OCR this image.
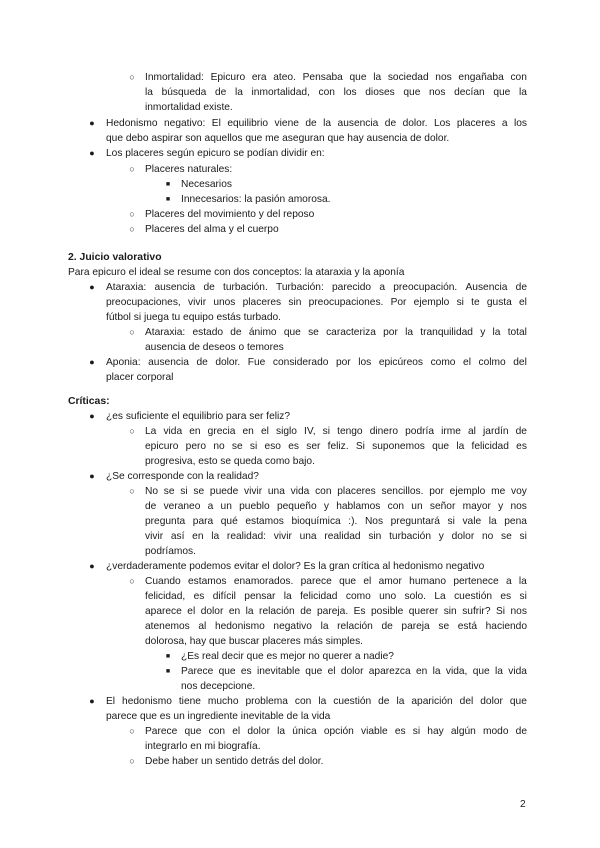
○ Inmortalidad: Epicuro era ateo. Pensaba que la sociedad nos engañaba con
la búsqueda de la inmortalidad, con los dioses que nos decían que la
inmortalidad existe.
● Hedonismo negativo: El equilibrio viene de la ausencia de dolor. Los placeres a los
que debo aspirar son aquellos que me aseguran que hay ausencia de dolor.
● Los placeres según epicuro se podían dividir en:
○ Placeres naturales:
■ Necesarios
■ Innecesarios: la pasión amorosa.
○ Placeres del movimiento y del reposo
○ Placeres del alma y el cuerpo
2. Juicio valorativo
Para epicuro el ideal se resume con dos conceptos: la ataraxia y la aponía
● Ataraxia: ausencia de turbación. Turbación: parecido a preocupación. Ausencia de
preocupaciones, vivir unos placeres sin preocupaciones. Por ejemplo si te gusta el
fútbol si juega tu equipo estás turbado.
○ Ataraxia: estado de ánimo que se caracteriza por la tranquilidad y la total
ausencia de deseos o temores
● Aponia: ausencia de dolor. Fue considerado por los epicúreos como el colmo del
placer corporal
Críticas:
● ¿es suficiente el equilibrio para ser feliz?
○ La vida en grecia en el siglo IV, si tengo dinero podría irme al jardín de
epicuro pero no se si eso es ser feliz. Si suponemos que la felicidad es
progresiva, esto se queda como bajo.
● ¿Se corresponde con la realidad?
○ No se si se puede vivir una vida con placeres sencillos. por ejemplo me voy
de veraneo a un pueblo pequeño y hablamos con un señor mayor y nos
pregunta para qué estamos bioquímica :). Nos preguntará si vale la pena
vivir así en la realidad: vivir una realidad sin turbación y dolor no se si
podríamos.
● ¿verdaderamente podemos evitar el dolor? Es la gran crítica al hedonismo negativo
○ Cuando estamos enamorados. parece que el amor humano pertenece a la
felicidad, es difícil pensar la felicidad como uno solo. La cuestión es si
aparece el dolor en la relación de pareja. Es posible querer sin sufrir? Si nos
atenemos al hedonismo negativo la relación de pareja se está haciendo
dolorosa, hay que buscar placeres más simples.
■ ¿Es real decir que es mejor no querer a nadie?
■ Parece que es inevitable que el dolor aparezca en la vida, que la vida
nos decepcione.
● El hedonismo tiene mucho problema con la cuestión de la aparición del dolor que
parece que es un ingrediente inevitable de la vida
○ Parece que con el dolor la única opción viable es si hay algún modo de
integrarlo en mi biografía.
○ Debe haber un sentido detrás del dolor.
2
